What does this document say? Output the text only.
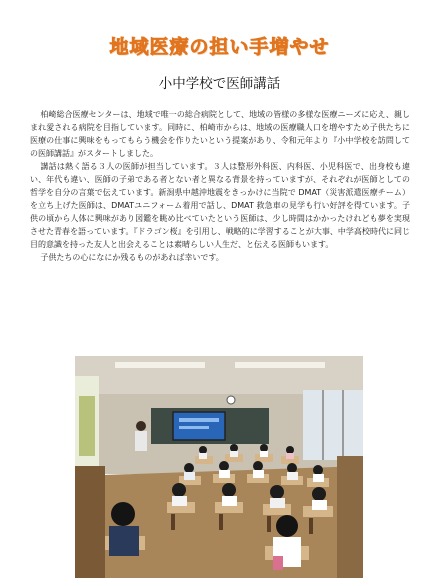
地域医療の担い手増やせ
小中学校で医師講話

柏崎総合医療センターは、地域で唯一の総合病院として、地域の皆様の多様な医療ニーズに応え、親しまれ愛される病院を目指しています。同時に、柏崎市からは、地域の医療職人口を増やすため子供たちに医療の仕事に興味をもってもらう機会を作りたいという提案があり、令和元年より『小中学校を訪問しての医師講話』がスタートしました。

講話は熱く語る３人の医師が担当しています。３人は整形外科医、内科医、小児科医で、出身校も違い、年代も違い、医師の子弟である者とない者と異なる背景を持っていますが、それぞれが医師としての哲学を自分の言葉で伝えています。新潟県中越沖地震をきっかけに当院で DMAT（災害派遣医療チーム）を立ち上げた医師は、DMATユニフォーム着用で話し、DMAT 救急車の見学も行い好評を得ています。子供の頃から人体に興味があり図鑑を眺め比べていたという医師は、少し時間はかかったけれども夢を実現させた青春を語っています。『ドラゴン桜』を引用し、戦略的に学習することが大事、中学高校時代に同じ目的意識を持った友人と出会えることは素晴らしい人生だ、と伝える医師もいます。

子供たちの心になにか残るものがあれば幸いです。
